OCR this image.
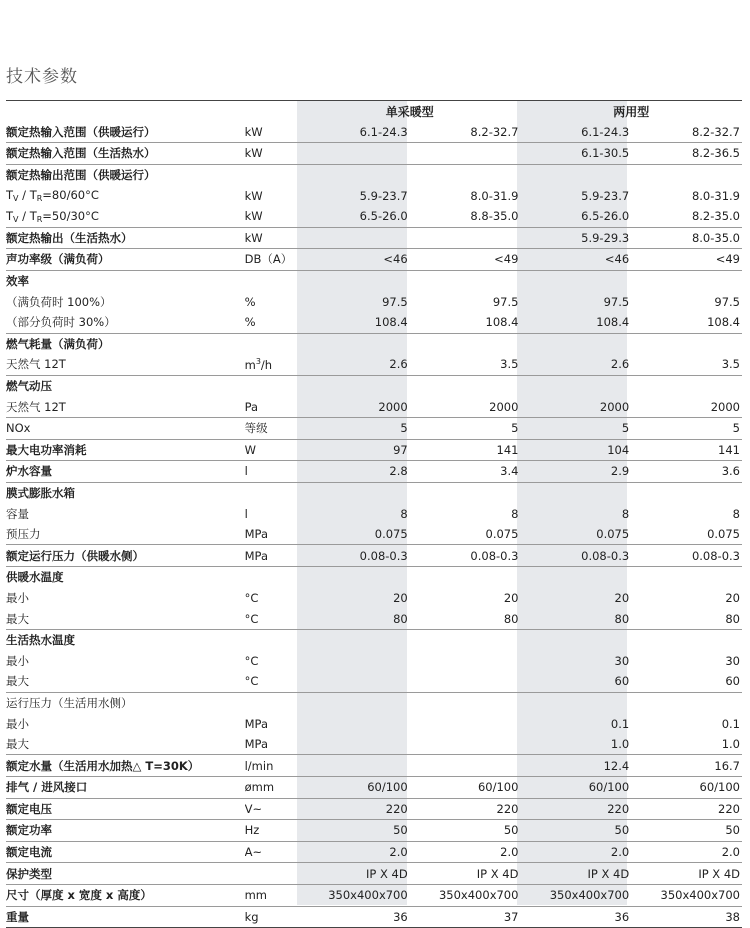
技术参数
		单采暖型		两用型	
额定热输入范围（供暖运行）	kW	6.1-24.3	8.2-32.7	6.1-24.3	8.2-32.7
额定热输入范围（生活热水）	kW			6.1-30.5	8.2-36.5
额定热输出范围（供暖运行）					
$T_V / T_R=80/60^\circ C$	kW	5.9-23.7	8.0-31.9	5.9-23.7	8.0-31.9
$T_V / T_R=50/30^\circ C$	kW	6.5-26.0	8.8-35.0	6.5-26.0	8.2-35.0
额定热输出（生活热水）	kW			5.9-29.3	8.0-35.0
声功率级（满负荷）	DB（A）	<46	<49	<46	<49
效率					
（满负荷时 100%）	%	97.5	97.5	97.5	97.5
（部分负荷时 30%）	%	108.4	108.4	108.4	108.4
燃气耗量（满负荷）					
天然气 12T	$m^3/h$	2.6	3.5	2.6	3.5
燃气动压					
天然气 12T	Pa	2000	2000	2000	2000
NOx	等级	5	5	5	5
最大电功率消耗	W	97	141	104	141
炉水容量	l	2.8	3.4	2.9	3.6
膜式膨胀水箱					
容量	l	8	8	8	8
预压力	MPa	0.075	0.075	0.075	0.075
额定运行压力（供暖水侧）	MPa	0.08-0.3	0.08-0.3	0.08-0.3	0.08-0.3
供暖水温度					
最小	°C	20	20	20	20
最大	°C	80	80	80	80
生活热水温度					
最小	°C			30	30
最大	°C			60	60
运行压力（生活用水侧）					
最小	MPa			0.1	0.1
最大	MPa			1.0	1.0
额定水量（生活用水加热△ T=30K）	l/min			12.4	16.7
排气 / 进风接口	ømm	60/100	60/100	60/100	60/100
额定电压	V~	220	220	220	220
额定功率	Hz	50	50	50	50
额定电流	A~	2.0	2.0	2.0	2.0
保护类型		IP X 4D	IP X 4D	IP X 4D	IP X 4D
尺寸（厚度 x 宽度 x 高度）	mm	350x400x700	350x400x700	350x400x700	350x400x700
重量	kg	36	37	36	38
